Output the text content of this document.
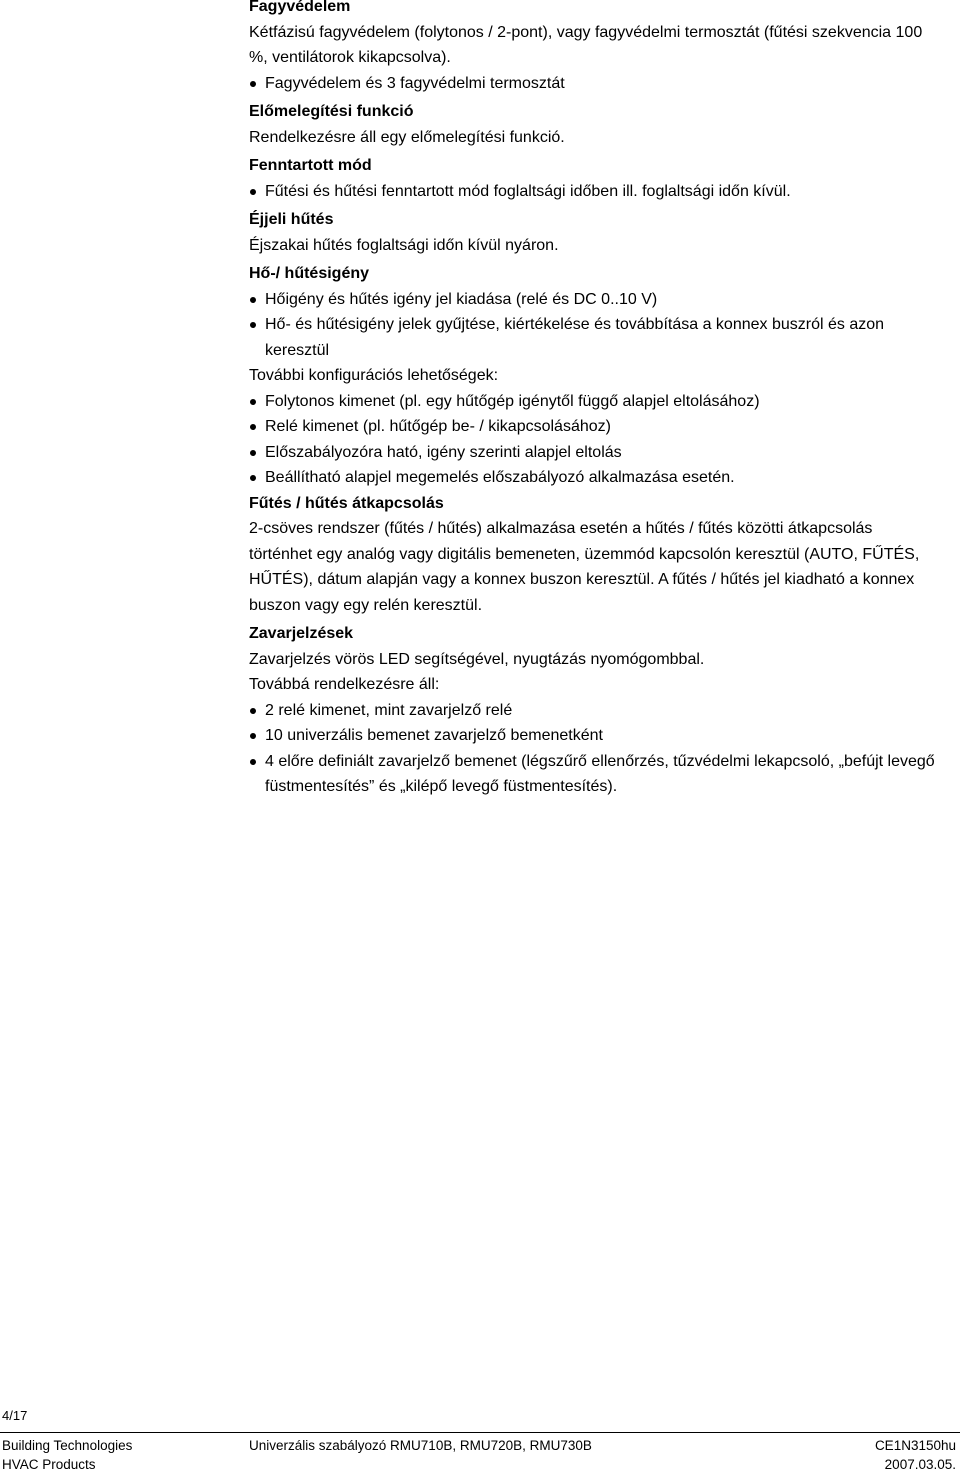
Fagyvédelem

Kétfázisú fagyvédelem (folytonos / 2-pont), vagy fagyvédelmi termosztát (fűtési szekvencia 100 %, ventilátorok kikapcsolva).

Fagyvédelem és 3 fagyvédelmi termosztát

Előmelegítési funkció

Rendelkezésre áll egy előmelegítési funkció.

Fenntartott mód

Fűtési és hűtési fenntartott mód foglaltsági időben ill. foglaltsági időn kívül.

Éjjeli hűtés

Éjszakai hűtés foglaltsági időn kívül nyáron.

Hő-/ hűtésigény

Hőigény és hűtés igény jel kiadása (relé és DC 0..10 V)
Hő- és hűtésigény jelek gyűjtése, kiértékelése és továbbítása a konnex buszról és azon keresztül

További konfigurációs lehetőségek:

Folytonos kimenet (pl. egy hűtőgép igénytől függő alapjel eltolásához)
Relé kimenet (pl. hűtőgép be- / kikapcsolásához)
Előszabályozóra ható, igény szerinti alapjel eltolás
Beállítható alapjel megemelés előszabályozó alkalmazása esetén.

Fűtés / hűtés átkapcsolás

2-csöves rendszer (fűtés / hűtés) alkalmazása esetén a hűtés / fűtés közötti átkapcsolás történhet egy analóg vagy digitális bemeneten, üzemmód kapcsolón keresztül (AUTO, FŰTÉS, HŰTÉS), dátum alapján vagy a konnex buszon keresztül. A fűtés / hűtés jel kiadható a konnex buszon vagy egy relén keresztül.

Zavarjelzések

Zavarjelzés vörös LED segítségével, nyugtázás nyomógombbal.

Továbbá rendelkezésre áll:

2 relé kimenet, mint zavarjelző relé
10 univerzális bemenet zavarjelző bemenetként
4 előre definiált zavarjelző bemenet (légszűrő ellenőrzés, tűzvédelmi lekapcsoló, „befújt levegő füstmentesítés” és „kilépő levegő füstmentesítés).
4/17
Building Technologies
HVAC Products
Univerzális szabályozó RMU710B, RMU720B, RMU730B	CE1N3150hu
2007.03.05.
